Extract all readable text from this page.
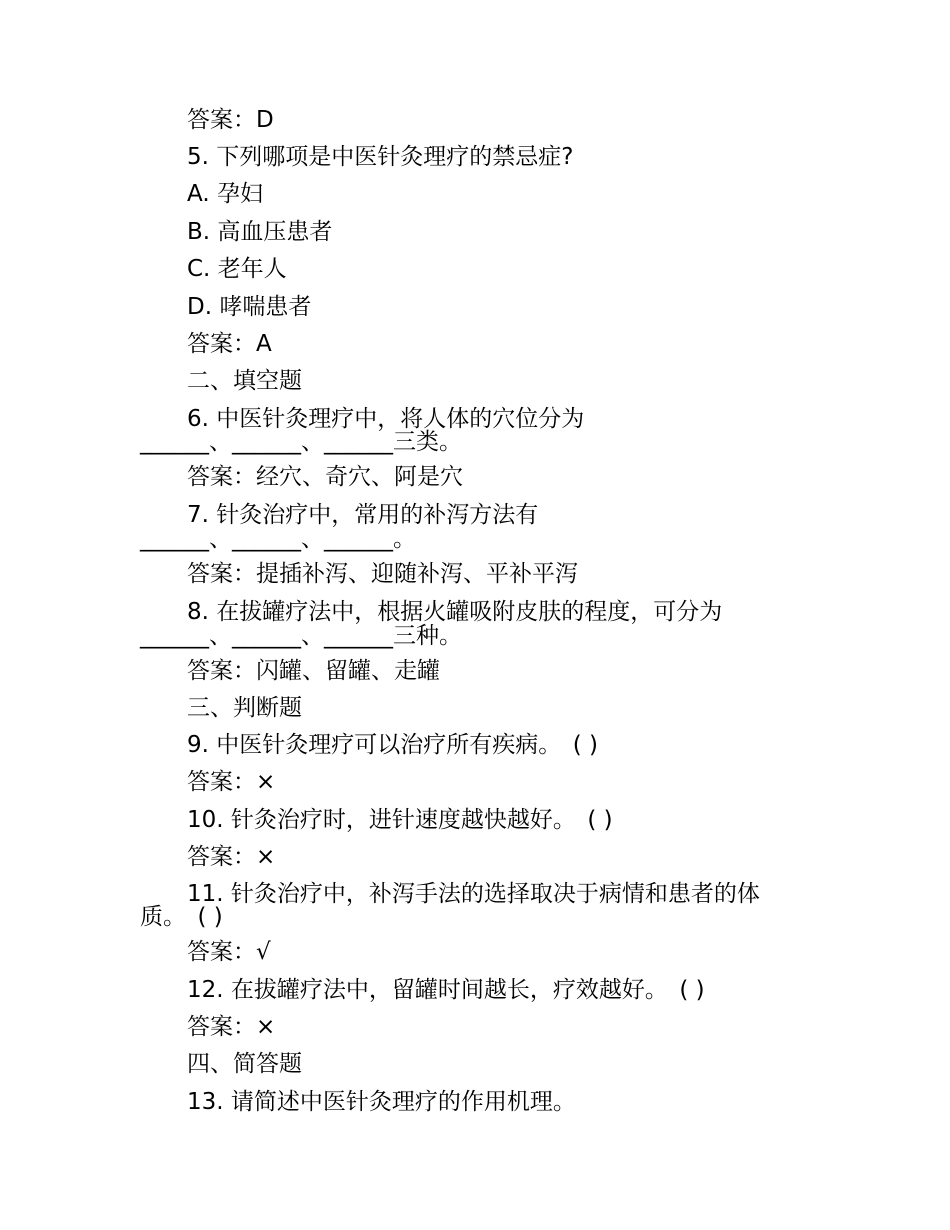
答案：D

5. 下列哪项是中医针灸理疗的禁忌症?

A. 孕妇

B. 高血压患者

C. 老年人

D. 哮喘患者

答案：A

二、填空题

6. 中医针灸理疗中，将人体的穴位分为

______、______、______三类。

答案：经穴、奇穴、阿是穴

7. 针灸治疗中，常用的补泻方法有

______、______、______。

答案：提插补泻、迎随补泻、平补平泻

8. 在拔罐疗法中，根据火罐吸附皮肤的程度，可分为

______、______、______三种。

答案：闪罐、留罐、走罐

三、判断题

9. 中医针灸理疗可以治疗所有疾病。　( )

答案：×

10. 针灸治疗时，进针速度越快越好。　( )

答案：×

11. 针灸治疗中，补泻手法的选择取决于病情和患者的体

质。　( )

答案：√

12. 在拔罐疗法中，留罐时间越长，疗效越好。　( )

答案：×

四、简答题

13. 请简述中医针灸理疗的作用机理。
